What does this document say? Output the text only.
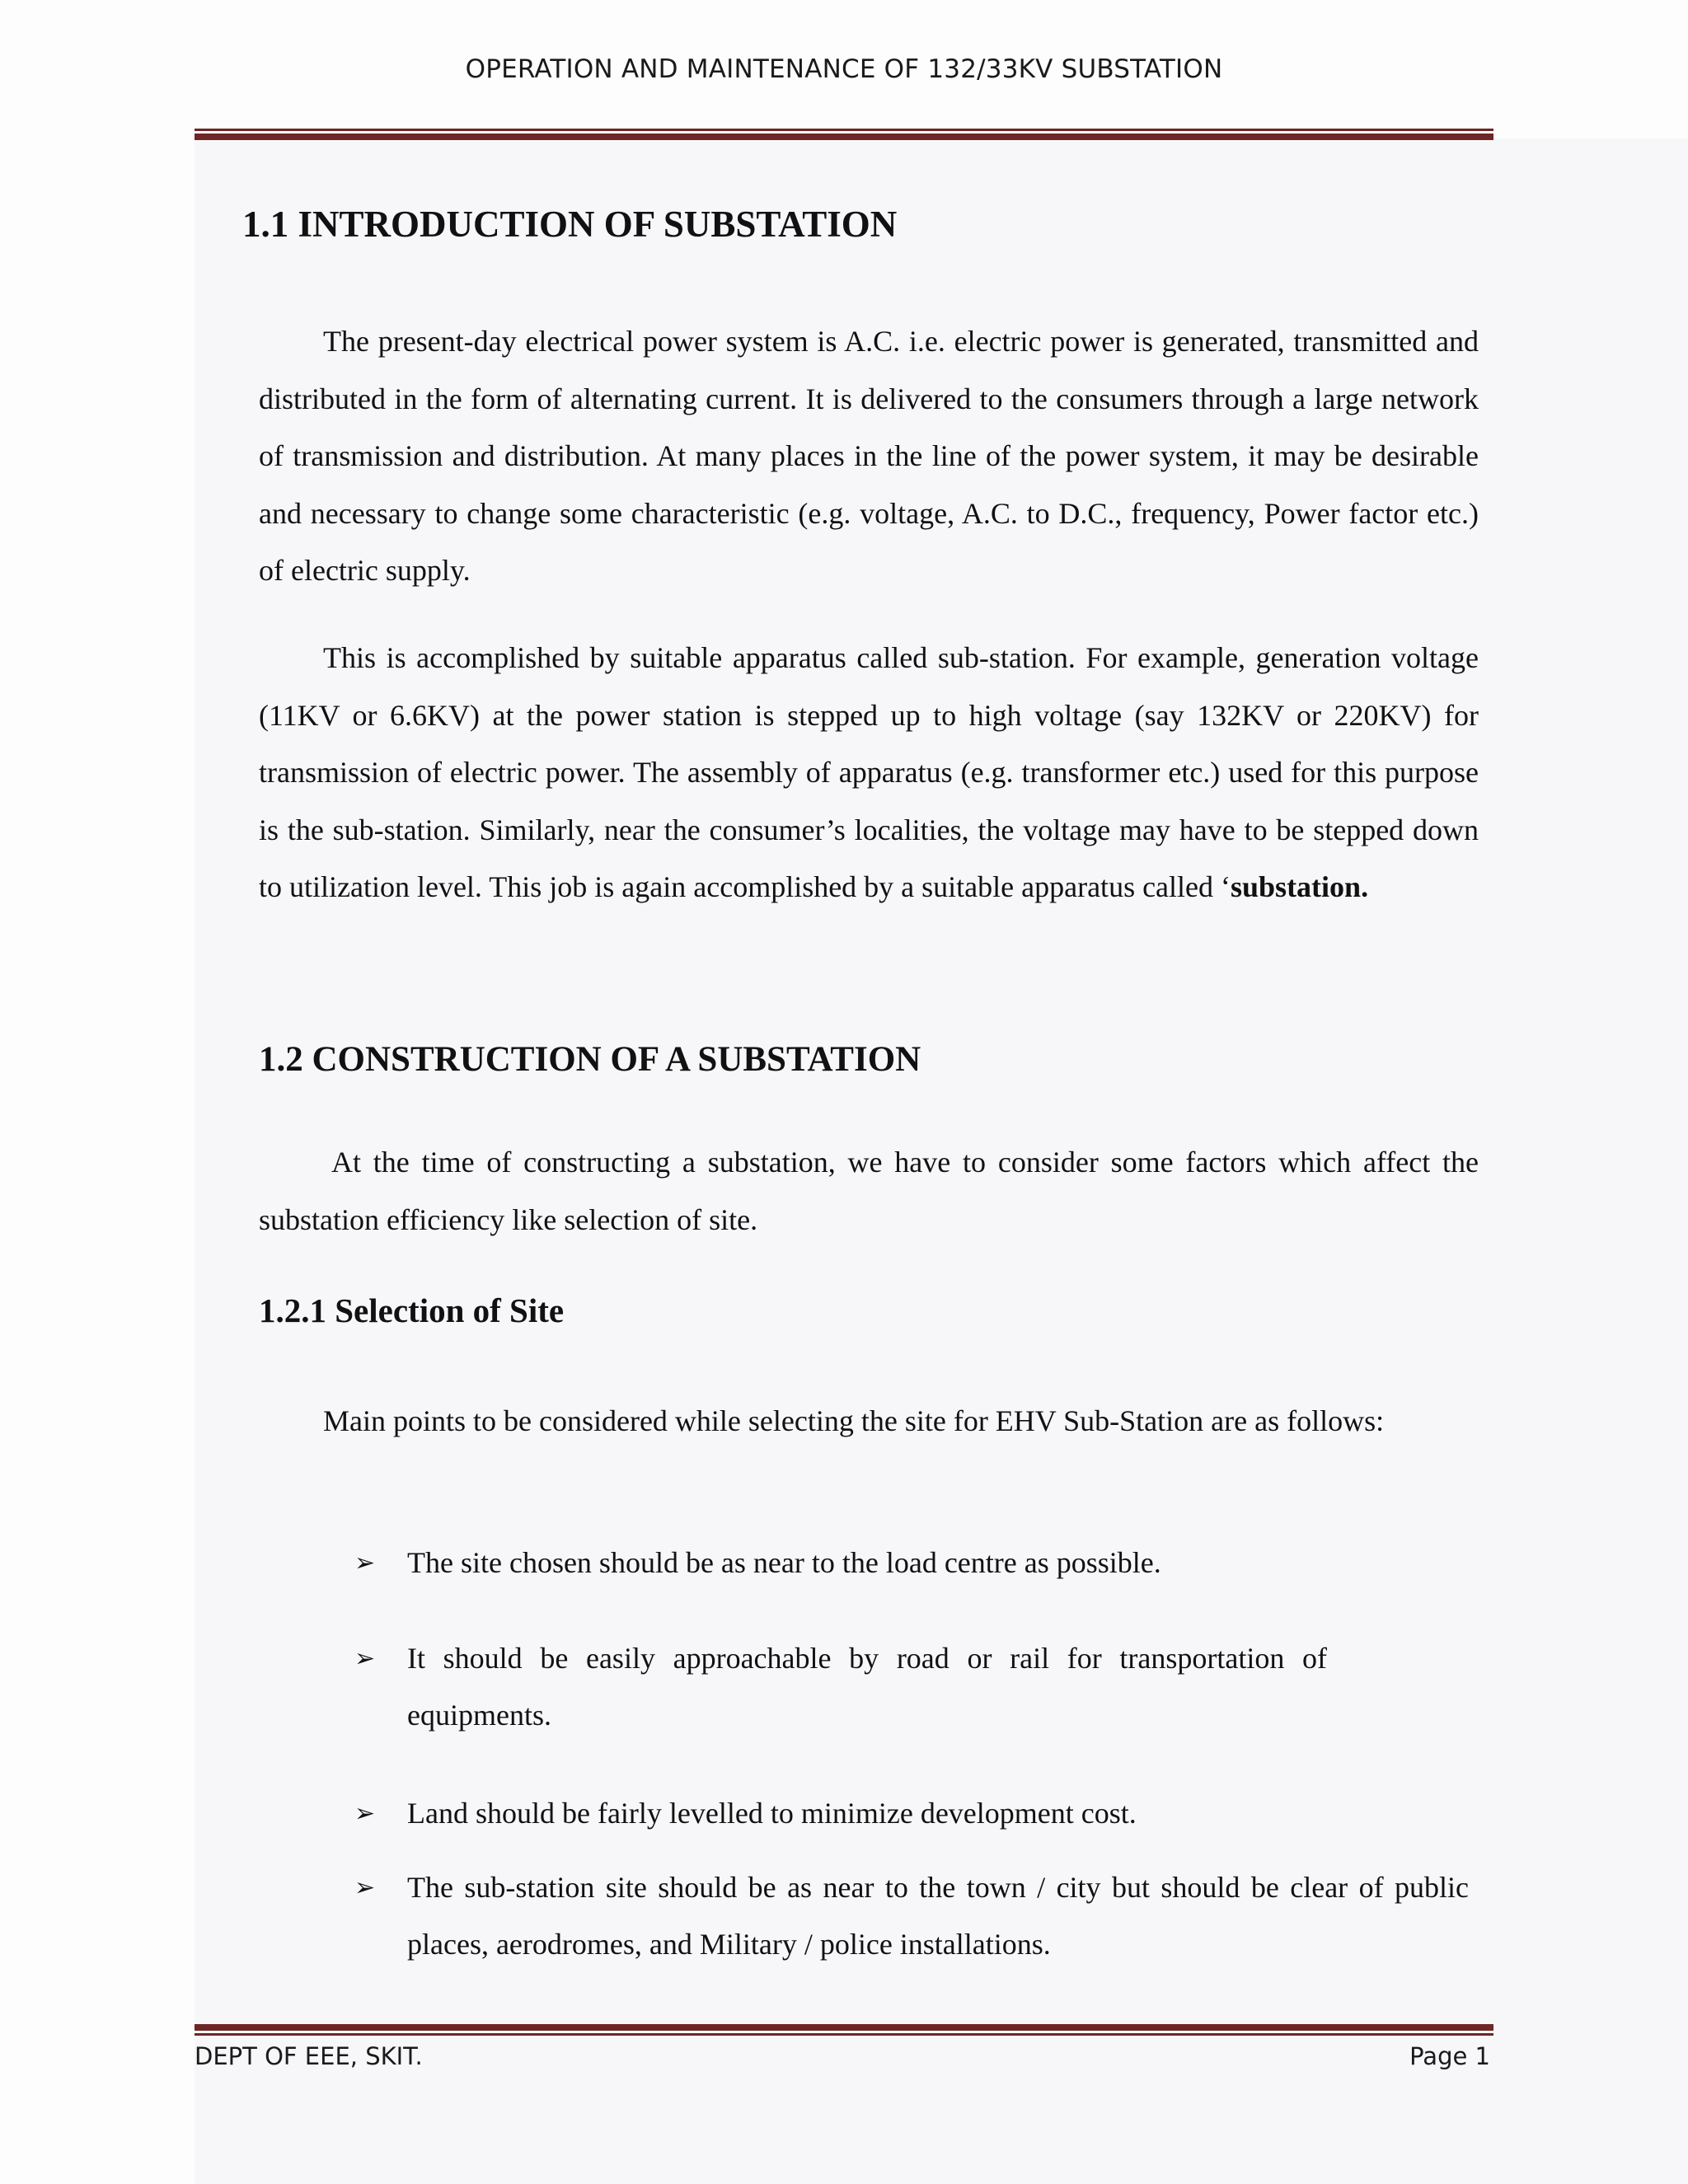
OPERATION AND MAINTENANCE OF 132/33KV SUBSTATION
1.1 INTRODUCTION OF SUBSTATION

The present-day electrical power system is A.C. i.e. electric power is generated, transmitted and distributed in the form of alternating current. It is delivered to the consumers through a large network of transmission and distribution. At many places in the line of the power system, it may be desirable and necessary to change some characteristic (e.g. voltage, A.C. to D.C., frequency, Power factor etc.) of electric supply.

This is accomplished by suitable apparatus called sub-station. For example, generation voltage (11KV or 6.6KV) at the power station is stepped up to high voltage (say 132KV or 220KV) for transmission of electric power. The assembly of apparatus (e.g. transformer etc.) used for this purpose is the sub-station. Similarly, near the consumer’s localities, the voltage may have to be stepped down to utilization level. This job is again accomplished by a suitable apparatus called ‘substation.

1.2 CONSTRUCTION OF A SUBSTATION

At the time of constructing a substation, we have to consider some factors which affect the substation efficiency like selection of site.

1.2.1 Selection of Site

Main points to be considered while selecting the site for EHV Sub-Station are as follows:

➢	The site chosen should be as near to the load centre as possible.
➢	It should be easily approachable by road or rail for transportation of equipments.
➢	Land should be fairly levelled to minimize development cost.
➢	The sub-station site should be as near to the town / city but should be clear of public places, aerodromes, and Military / police installations.
DEPT OF EEE, SKIT.	Page 1
